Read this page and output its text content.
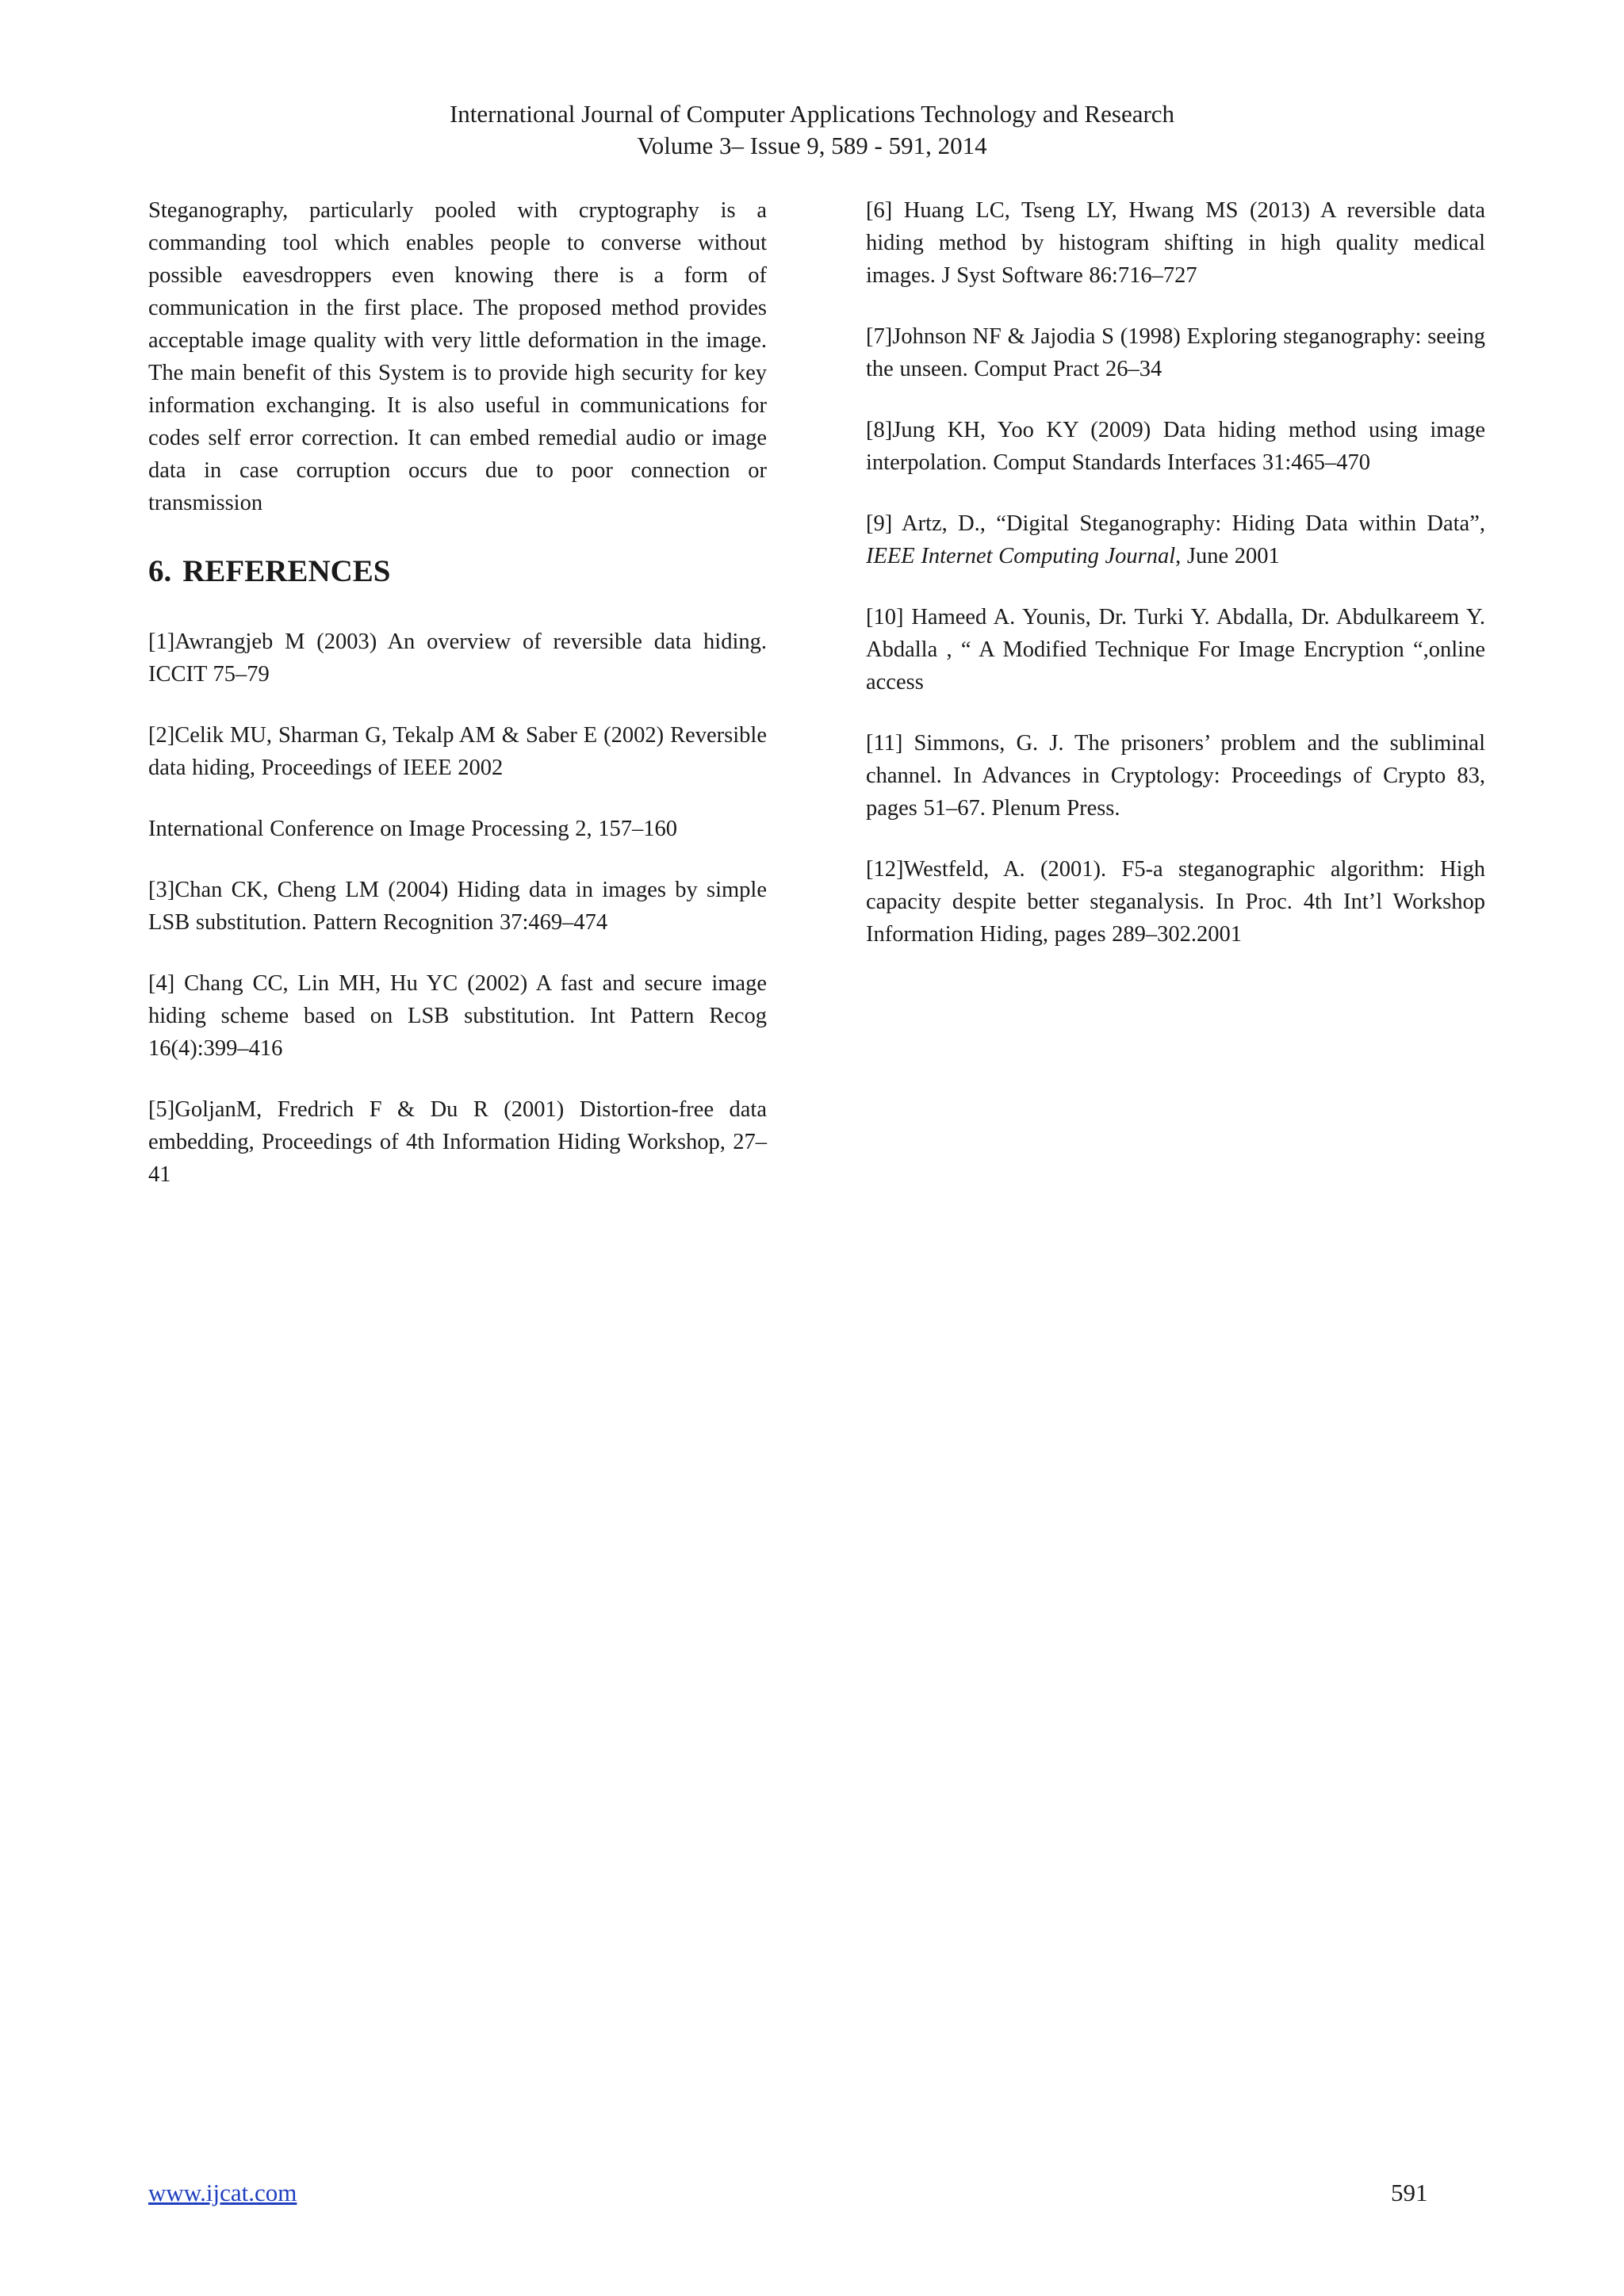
International Journal of Computer Applications Technology and Research
Volume 3– Issue 9, 589 - 591, 2014

Steganography, particularly pooled with cryptography is a commanding tool which enables people to converse without possible eavesdroppers even knowing there is a form of communication in the first place. The proposed method provides acceptable image quality with very little deformation in the image. The main benefit of this System is to provide high security for key information exchanging. It is also useful in communications for codes self error correction. It can embed remedial audio or image data in case corruption occurs due to poor connection or transmission

6. REFERENCES

[1]Awrangjeb M (2003) An overview of reversible data hiding. ICCIT 75–79

[2]Celik MU, Sharman G, Tekalp AM & Saber E (2002) Reversible data hiding, Proceedings of IEEE 2002

International Conference on Image Processing 2, 157–160

[3]Chan CK, Cheng LM (2004) Hiding data in images by simple LSB substitution. Pattern Recognition 37:469–474

[4] Chang CC, Lin MH, Hu YC (2002) A fast and secure image hiding scheme based on LSB substitution. Int Pattern Recog 16(4):399–416

[5]GoljanM, Fredrich F & Du R (2001) Distortion-free data embedding, Proceedings of 4th Information Hiding Workshop, 27–41

[6] Huang LC, Tseng LY, Hwang MS (2013) A reversible data hiding method by histogram shifting in high quality medical images. J Syst Software 86:716–727

[7]Johnson NF & Jajodia S (1998) Exploring steganography: seeing the unseen. Comput Pract 26–34

[8]Jung KH, Yoo KY (2009) Data hiding method using image interpolation. Comput Standards Interfaces 31:465–470

[9] Artz, D., “Digital Steganography: Hiding Data within Data”, IEEE Internet Computing Journal, June 2001

[10] Hameed A. Younis, Dr. Turki Y. Abdalla, Dr. Abdulkareem Y. Abdalla , “ A Modified Technique For Image Encryption “,online access

[11] Simmons, G. J. The prisoners’ problem and the subliminal channel. In Advances in Cryptology: Proceedings of Crypto 83, pages 51–67. Plenum Press.

[12]Westfeld, A. (2001). F5-a steganographic algorithm: High capacity despite better steganalysis. In Proc. 4th Int’l Workshop Information Hiding, pages 289–302.2001

www.ijcat.com	591
